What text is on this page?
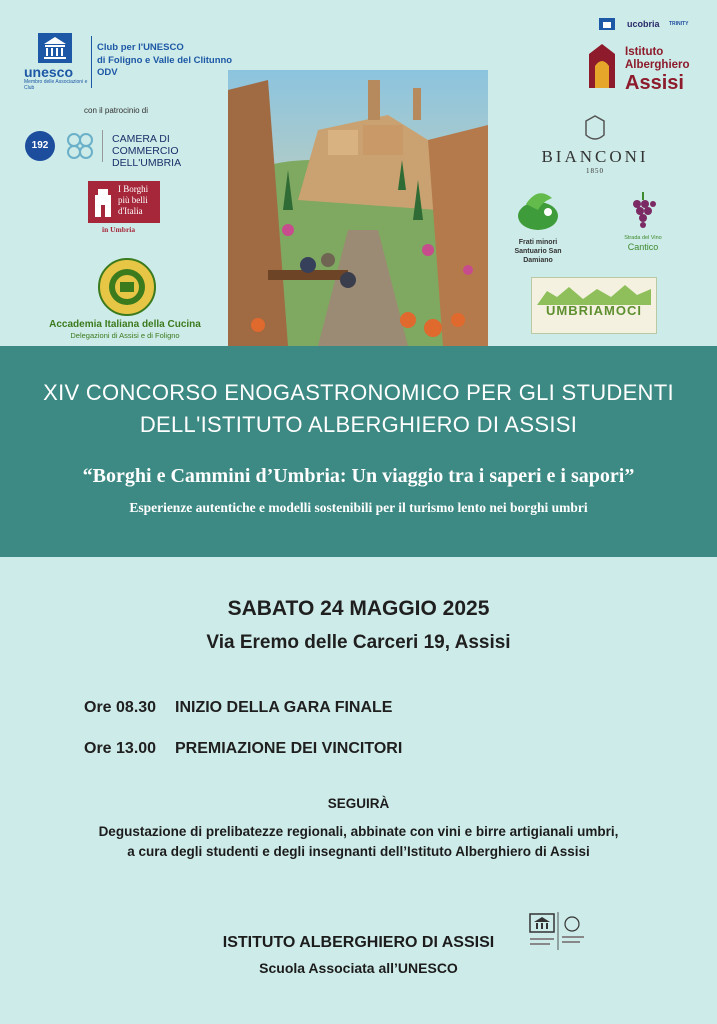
unesco
Membro delle Associazioni e Club
Club per l'UNESCO
di Foligno e Valle del Clitunno
ODV
con il patrocinio di
192
CAMERA DI COMMERCIO
DELL'UMBRIA
I Borghi
più belli
d'Italia
in Umbria
Accademia Italiana della Cucina
Delegazioni di Assisi e di Foligno
ucobria TRINITY
Istituto
Alberghiero
Assisi
BIANCONI
1850
Frati minori
Santuario San Damiano
Strada del Vino
Cantico
UMBRIAMOCI
XIV CONCORSO ENOGASTRONOMICO PER GLI STUDENTI
DELL'ISTITUTO ALBERGHIERO DI ASSISI
“Borghi e Cammini d’Umbria: Un viaggio tra i saperi e i sapori”
Esperienze autentiche e modelli sostenibili per il turismo lento nei borghi umbri
SABATO 24 MAGGIO 2025
Via Eremo delle Carceri 19, Assisi
Ore 08.30 INIZIO DELLA GARA FINALE
Ore 13.00 PREMIAZIONE DEI VINCITORI
SEGUIRÀ
Degustazione di prelibatezze regionali, abbinate con vini e birre artigianali umbri,
a cura degli studenti e degli insegnanti dell’Istituto Alberghiero di Assisi
ISTITUTO ALBERGHIERO DI ASSISI
Scuola Associata all’UNESCO
